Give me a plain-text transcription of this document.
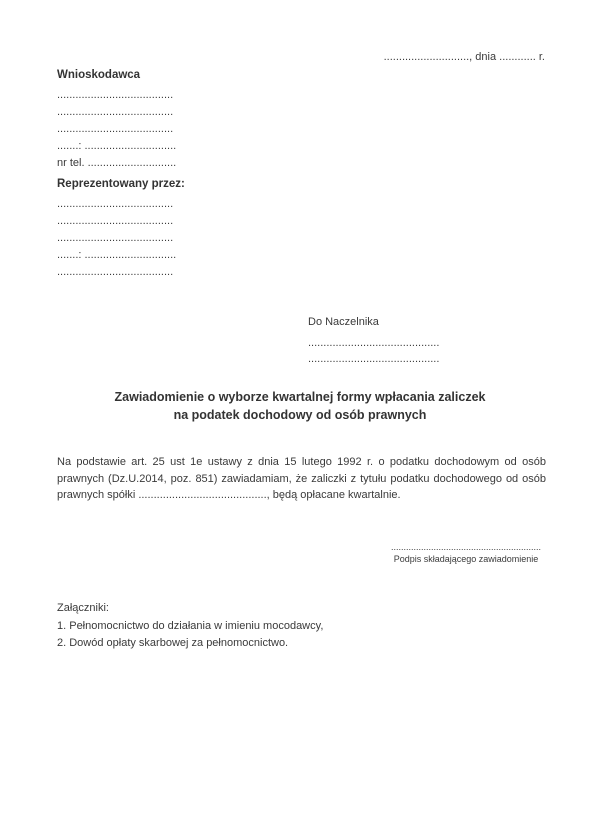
............................, dnia ............ r.
Wnioskodawca
......................................
......................................
......................................
.......: ..............................
nr tel. .............................
Reprezentowany przez:
......................................
......................................
......................................
.......: ..............................
......................................
Do Naczelnika
...........................................
...........................................
Zawiadomienie o wyborze kwartalnej formy wpłacania zaliczek
na podatek dochodowy od osób prawnych
Na podstawie art. 25 ust 1e ustawy z dnia 15 lutego 1992 r. o podatku dochodowym od osób prawnych (Dz.U.2014, poz. 851) zawiadamiam, że zaliczki z tytułu podatku dochodowego od osób prawnych spółki .........................................., będą opłacane kwartalnie.
............................................................
Podpis składającego zawiadomienie
Załączniki:
1. Pełnomocnictwo do działania w imieniu mocodawcy,
2. Dowód opłaty skarbowej za pełnomocnictwo.
